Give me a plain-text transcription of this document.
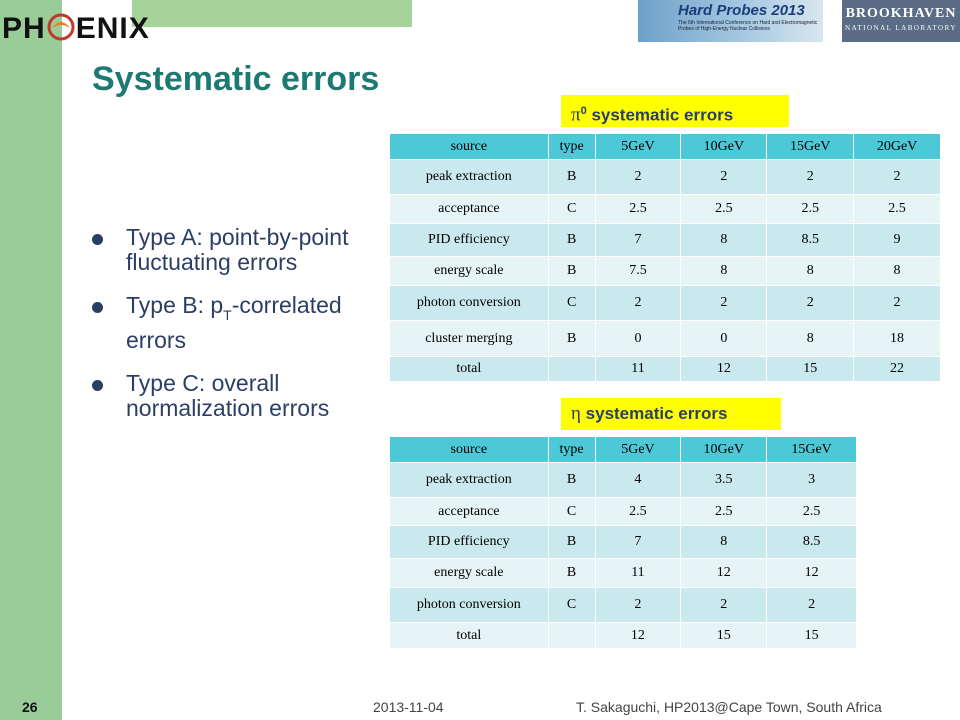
PH ENIX
Hard Probes 2013
The 6th International Conference on Hard and Electromagnetic Probes of High-Energy Nuclear Collisions
BROOKHAVEN
NATIONAL LABORATORY
Systematic errors
Type A: point-by-point fluctuating errors
Type B: $p_T$-correlated errors
Type C: overall normalization errors
$\pi^0$ systematic errors
source	type	5GeV	10GeV	15GeV	20GeV
peak extraction	B	2	2	2	2
acceptance	C	2.5	2.5	2.5	2.5
PID efficiency	B	7	8	8.5	9
energy scale	B	7.5	8	8	8
photon conversion	C	2	2	2	2
cluster merging	B	0	0	8	18
total		11	12	15	22
η systematic errors
source	type	5GeV	10GeV	15GeV
peak extraction	B	4	3.5	3
acceptance	C	2.5	2.5	2.5
PID efficiency	B	7	8	8.5
energy scale	B	11	12	12
photon conversion	C	2	2	2
total		12	15	15
26	2013-11-04	T. Sakaguchi, HP2013@Cape Town, South Africa
